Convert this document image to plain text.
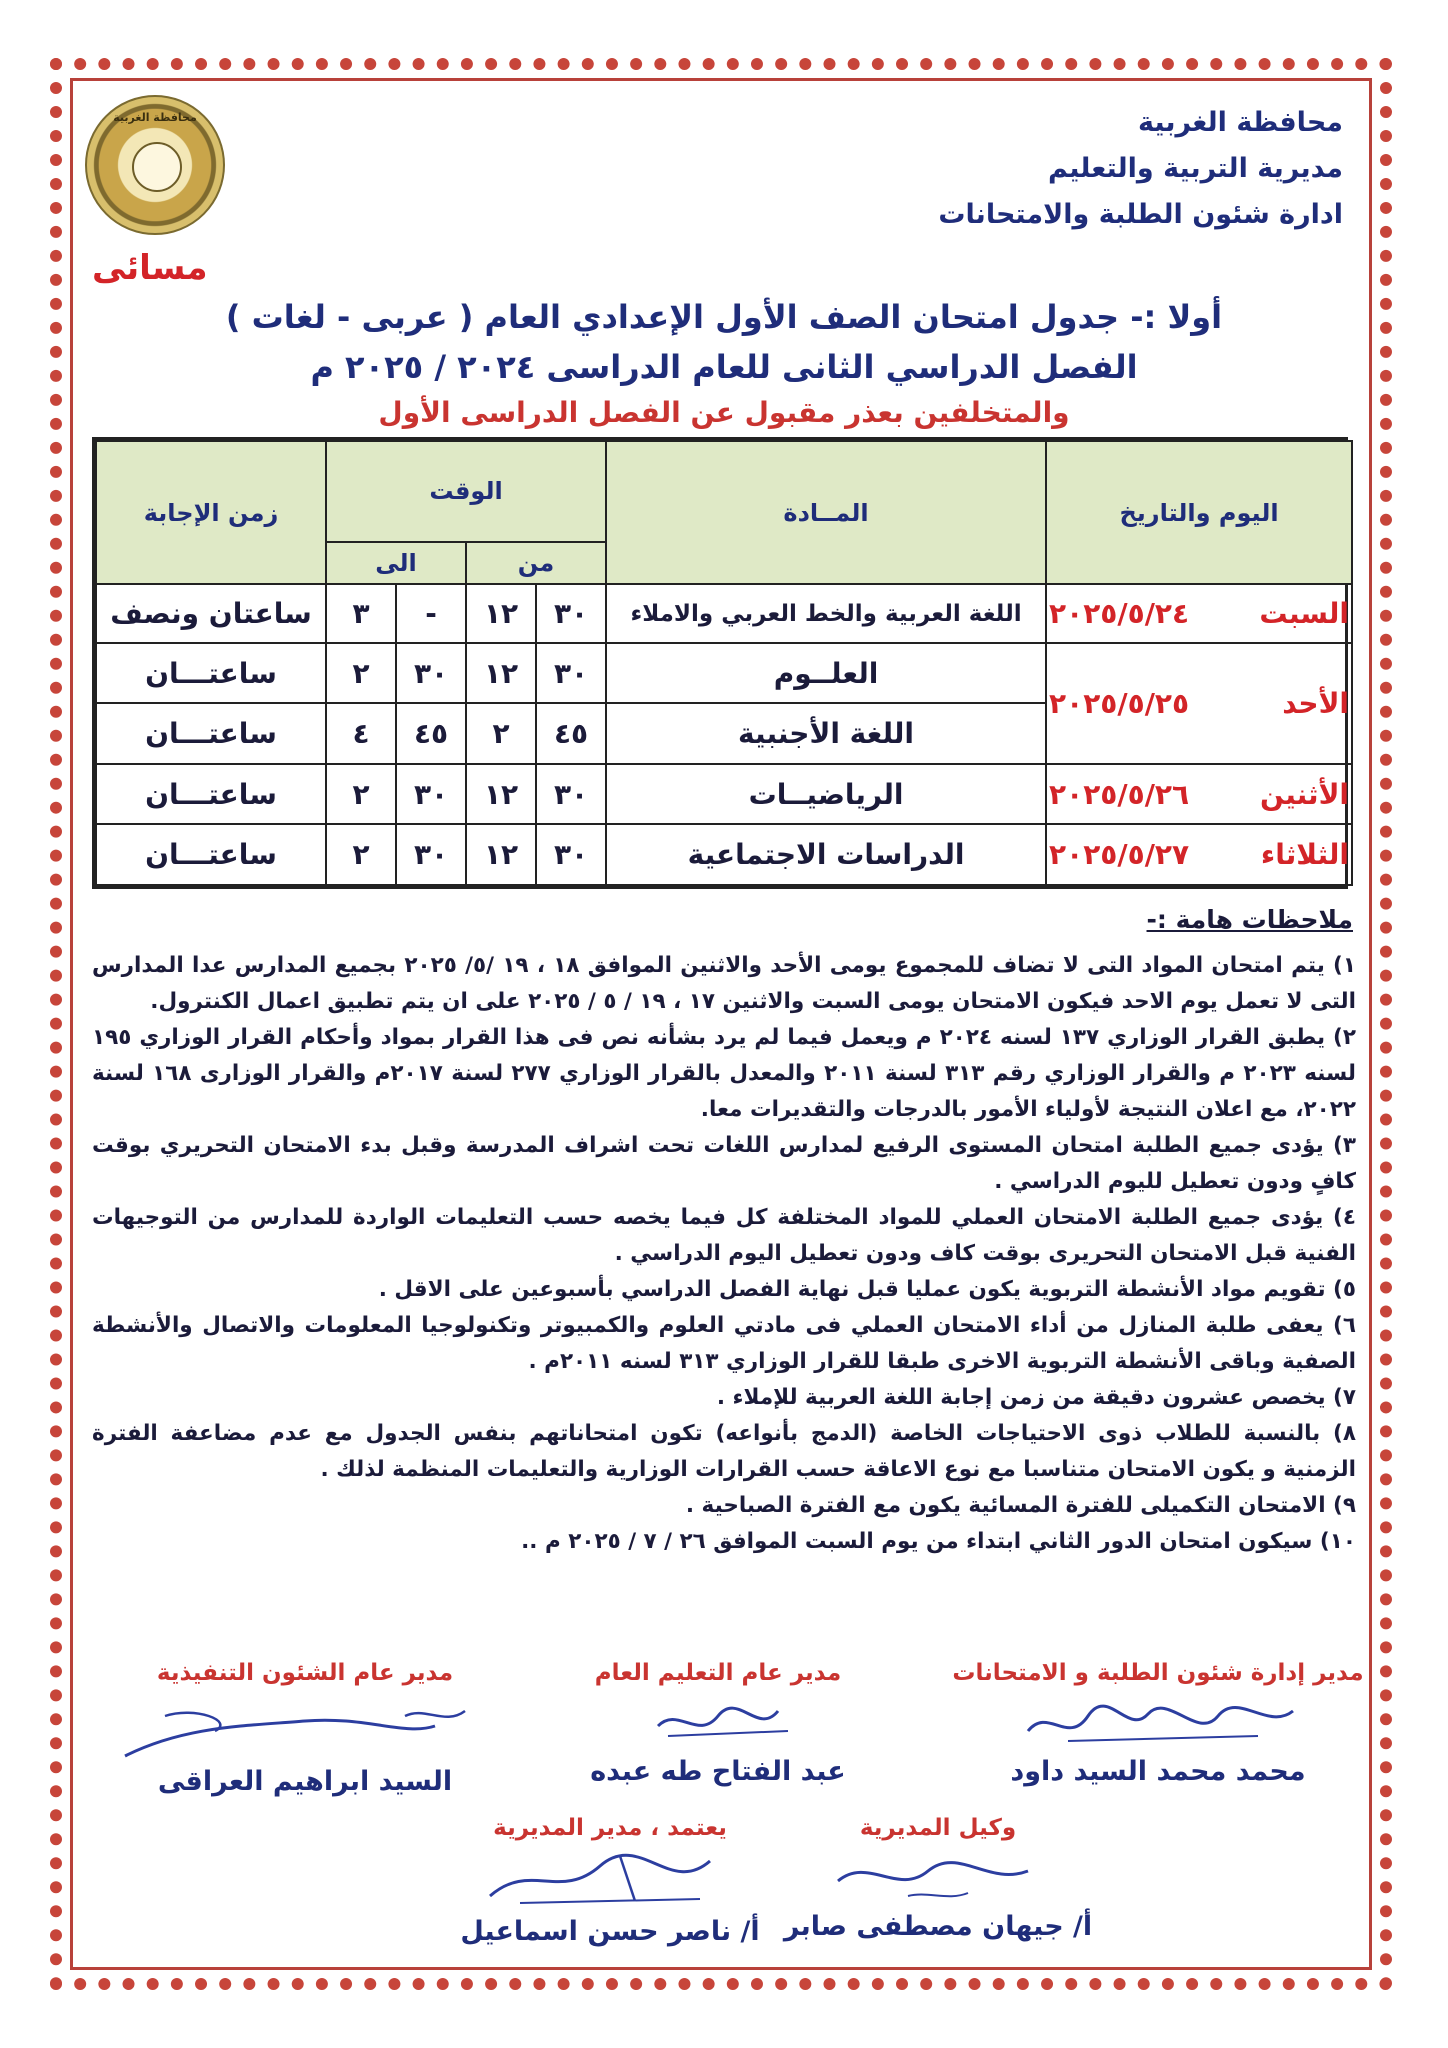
محافظة الغربية
مديرية التربية والتعليم
ادارة شئون الطلبة والامتحانات
محافظة الغربية
مسائى
أولا :- جدول امتحان الصف الأول الإعدادي العام ( عربى - لغات )
الفصل الدراسي الثانى للعام الدراسى ٢٠٢٤ / ٢٠٢٥ م
والمتخلفين بعذر مقبول عن الفصل الدراسى الأول
اليوم والتاريخ	المــادة	الوقت				زمن الإجابة
		من		الى		
السبت٢٠٢٥/٥/٢٤	اللغة العربية والخط العربي والاملاء	٣٠	١٢	-	٣	ساعتان ونصف
الأحد٢٠٢٥/٥/٢٥	العلــوم	٣٠	١٢	٣٠	٢	ساعتـــان
	اللغة الأجنبية	٤٥	٢	٤٥	٤	ساعتـــان
الأثنين٢٠٢٥/٥/٢٦	الرياضيــات	٣٠	١٢	٣٠	٢	ساعتـــان
الثلاثاء٢٠٢٥/٥/٢٧	الدراسات الاجتماعية	٣٠	١٢	٣٠	٢	ساعتـــان
ملاحظات هامة :-

١) يتم امتحان المواد التى لا تضاف للمجموع يومى الأحد والاثنين الموافق ١٨ ، ١٩ /٥/ ٢٠٢٥ بجميع المدارس عدا المدارس التى لا تعمل يوم الاحد فيكون الامتحان يومى السبت والاثنين ١٧ ، ١٩ / ٥ / ٢٠٢٥ على ان يتم تطبيق اعمال الكنترول.

٢) يطبق القرار الوزاري ١٣٧ لسنه ٢٠٢٤ م ويعمل فيما لم يرد بشأنه نص فى هذا القرار بمواد وأحكام القرار الوزاري ١٩٥ لسنه ٢٠٢٣ م والقرار الوزاري رقم ٣١٣ لسنة ٢٠١١ والمعدل بالقرار الوزاري ٢٧٧ لسنة ٢٠١٧م والقرار الوزارى ١٦٨ لسنة ٢٠٢٢، مع اعلان النتيجة لأولياء الأمور بالدرجات والتقديرات معا.

٣) يؤدى جميع الطلبة امتحان المستوى الرفيع لمدارس اللغات تحت اشراف المدرسة وقبل بدء الامتحان التحريري بوقت كافٍ ودون تعطيل لليوم الدراسي .

٤) يؤدى جميع الطلبة الامتحان العملي للمواد المختلفة كل فيما يخصه حسب التعليمات الواردة للمدارس من التوجيهات الفنية قبل الامتحان التحريرى بوقت كاف ودون تعطيل اليوم الدراسي .

٥) تقويم مواد الأنشطة التربوية يكون عمليا قبل نهاية الفصل الدراسي بأسبوعين على الاقل .

٦) يعفى طلبة المنازل من أداء الامتحان العملي فى مادتي العلوم والكمبيوتر وتكنولوجيا المعلومات والاتصال والأنشطة الصفية وباقى الأنشطة التربوية الاخرى طبقا للقرار الوزاري ٣١٣ لسنه ٢٠١١م .

٧) يخصص عشرون دقيقة من زمن إجابة اللغة العربية للإملاء .

٨) بالنسبة للطلاب ذوى الاحتياجات الخاصة (الدمج بأنواعه) تكون امتحاناتهم بنفس الجدول مع عدم مضاعفة الفترة الزمنية و يكون الامتحان متناسبا مع نوع الاعاقة حسب القرارات الوزارية والتعليمات المنظمة لذلك .

٩) الامتحان التكميلى للفترة المسائية يكون مع الفترة الصباحية .

١٠) سيكون امتحان الدور الثاني ابتداء من يوم السبت الموافق ٢٦ / ٧ / ٢٠٢٥ م ..

مدير إدارة شئون الطلبة و الامتحانات
محمد محمد السيد داود
مدير عام التعليم العام
عبد الفتاح طه عبده
مدير عام الشئون التنفيذية
السيد ابراهيم العراقى
وكيل المديرية
أ/ جيهان مصطفى صابر
يعتمد ، مدير المديرية
أ/ ناصر حسن اسماعيل
